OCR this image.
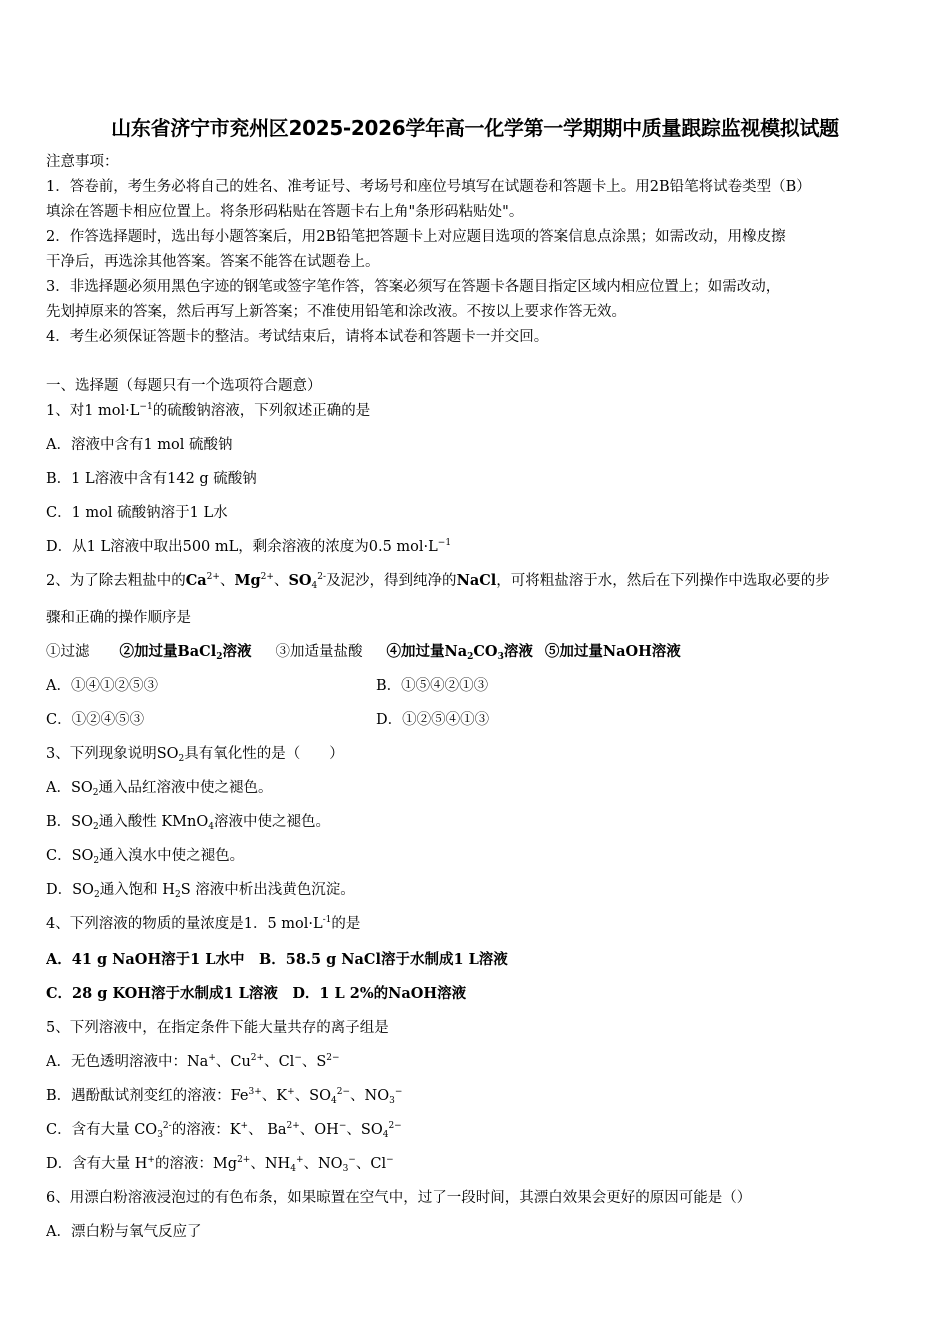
山东省济宁市兖州区2025-2026学年高一化学第一学期期中质量跟踪监视模拟试题
注意事项：
1．答卷前，考生务必将自己的姓名、准考证号、考场号和座位号填写在试题卷和答题卡上。用2B铅笔将试卷类型（B）
填涂在答题卡相应位置上。将条形码粘贴在答题卡右上角"条形码粘贴处"。
2．作答选择题时，选出每小题答案后，用2B铅笔把答题卡上对应题目选项的答案信息点涂黑；如需改动，用橡皮擦
干净后，再选涂其他答案。答案不能答在试题卷上。
3．非选择题必须用黑色字迹的钢笔或签字笔作答，答案必须写在答题卡各题目指定区域内相应位置上；如需改动，
先划掉原来的答案，然后再写上新答案；不准使用铅笔和涂改液。不按以上要求作答无效。
4．考生必须保证答题卡的整洁。考试结束后，请将本试卷和答题卡一并交回。
一、选择题（每题只有一个选项符合题意）
1、对1 $mol\cdot L^{-1}$的硫酸钠溶液，下列叙述正确的是
A．溶液中含有1 mol 硫酸钠
B．1 L溶液中含有142 g 硫酸钠
C．1 mol 硫酸钠溶于1 L水
D．从1 L溶液中取出500 mL，剩余溶液的浓度为0.5 $mol\cdot L^{-1}$
2、为了除去粗盐中的$Ca^{2+}$、$Mg^{2+}$、$SO_4^{2-}$及泥沙，得到纯净的NaCl，可将粗盐溶于水，然后在下列操作中选取必要的步
骤和正确的操作顺序是
①过滤 ②加过量BaCl$_2$溶液 ③加适量盐酸 ④加过量$Na_2CO_3$溶液 ⑤加过量NaOH溶液
A．①④①②⑤③	B．①⑤④②①③
C．①②④⑤③	D．①②⑤④①③
3、下列现象说明$SO_2$具有氧化性的是（　　）
A．$SO_2$通入品红溶液中使之褪色。
B．$SO_2$通入酸性 KMnO$_4$溶液中使之褪色。
C．$SO_2$通入溴水中使之褪色。
D．$SO_2$通入饱和 $H_2S$ 溶液中析出浅黄色沉淀。
4、下列溶液的物质的量浓度是1．5 $mol\cdot L^{-1}$的是
A．41 g NaOH溶于1 L水中　B．58.5 g NaCl溶于水制成1 L溶液
C．28 g KOH溶于水制成1 L溶液　D．1 L 2%的NaOH溶液
5、下列溶液中，在指定条件下能大量共存的离子组是
A．无色透明溶液中：Na+、$Cu^{2+}$、Cl−、$S^{2-}$
B．遇酚酞试剂变红的溶液：$Fe^{3+}$、K+、$SO_4^{2-}$、$NO_3^-$
C．含有大量 $CO_3^{2-}$的溶液：K+、 $Ba^{2+}$、OH−、$SO_4^{2-}$
D．含有大量 H+的溶液：$Mg^{2+}$、$NH_4^+$、$NO_3^-$、Cl−
6、用漂白粉溶液浸泡过的有色布条，如果晾置在空气中，过了一段时间，其漂白效果会更好的原因可能是（）
A．漂白粉与氧气反应了
